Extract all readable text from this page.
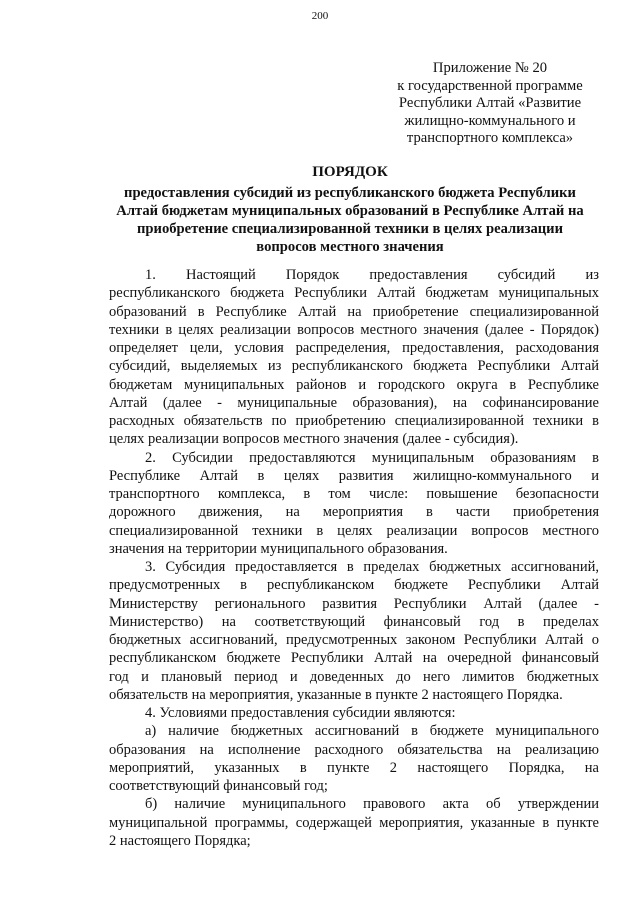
200
Приложение № 20
к государственной программе
Республики Алтай «Развитие
жилищно-коммунального и
транспортного комплекса»
ПОРЯДОК
предоставления субсидий из республиканского бюджета Республики
Алтай бюджетам муниципальных образований в Республике Алтай на
приобретение специализированной техники в целях реализации
вопросов местного значения
1. Настоящий Порядок предоставления субсидий из
республиканского бюджета Республики Алтай бюджетам муниципальных
образований в Республике Алтай на приобретение специализированной
техники в целях реализации вопросов местного значения (далее - Порядок)
определяет цели, условия распределения, предоставления, расходования
субсидий, выделяемых из республиканского бюджета Республики Алтай
бюджетам муниципальных районов и городского округа в Республике
Алтай (далее - муниципальные образования), на софинансирование
расходных обязательств по приобретению специализированной техники в
целях реализации вопросов местного значения (далее - субсидия).
2. Субсидии предоставляются муниципальным образованиям в
Республике Алтай в целях развития жилищно-коммунального и
транспортного комплекса, в том числе: повышение безопасности
дорожного движения, на мероприятия в части приобретения
специализированной техники в целях реализации вопросов местного
значения на территории муниципального образования.
3. Субсидия предоставляется в пределах бюджетных ассигнований,
предусмотренных в республиканском бюджете Республики Алтай
Министерству регионального развития Республики Алтай (далее -
Министерство) на соответствующий финансовый год в пределах
бюджетных ассигнований, предусмотренных законом Республики Алтай о
республиканском бюджете Республики Алтай на очередной финансовый
год и плановый период и доведенных до него лимитов бюджетных
обязательств на мероприятия, указанные в пункте 2 настоящего Порядка.
4. Условиями предоставления субсидии являются:
а) наличие бюджетных ассигнований в бюджете муниципального
образования на исполнение расходного обязательства на реализацию
мероприятий, указанных в пункте 2 настоящего Порядка, на
соответствующий финансовый год;
б) наличие муниципального правового акта об утверждении
муниципальной программы, содержащей мероприятия, указанные в пункте
2 настоящего Порядка;
